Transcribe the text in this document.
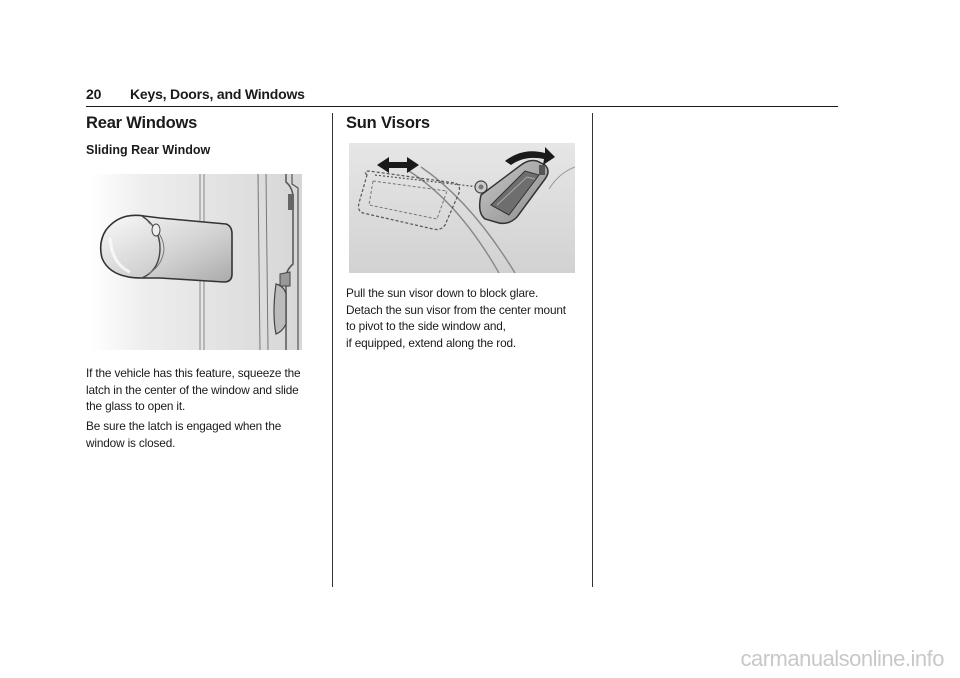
20 Keys, Doors, and Windows
Rear Windows
Sliding Rear Window

If the vehicle has this feature, squeeze the
latch in the center of the window and slide
the glass to open it.

Be sure the latch is engaged when the
window is closed.

Sun Visors

Pull the sun visor down to block glare.
Detach the sun visor from the center mount
to pivot to the side window and,
if equipped, extend along the rod.

carmanualsonline.info
